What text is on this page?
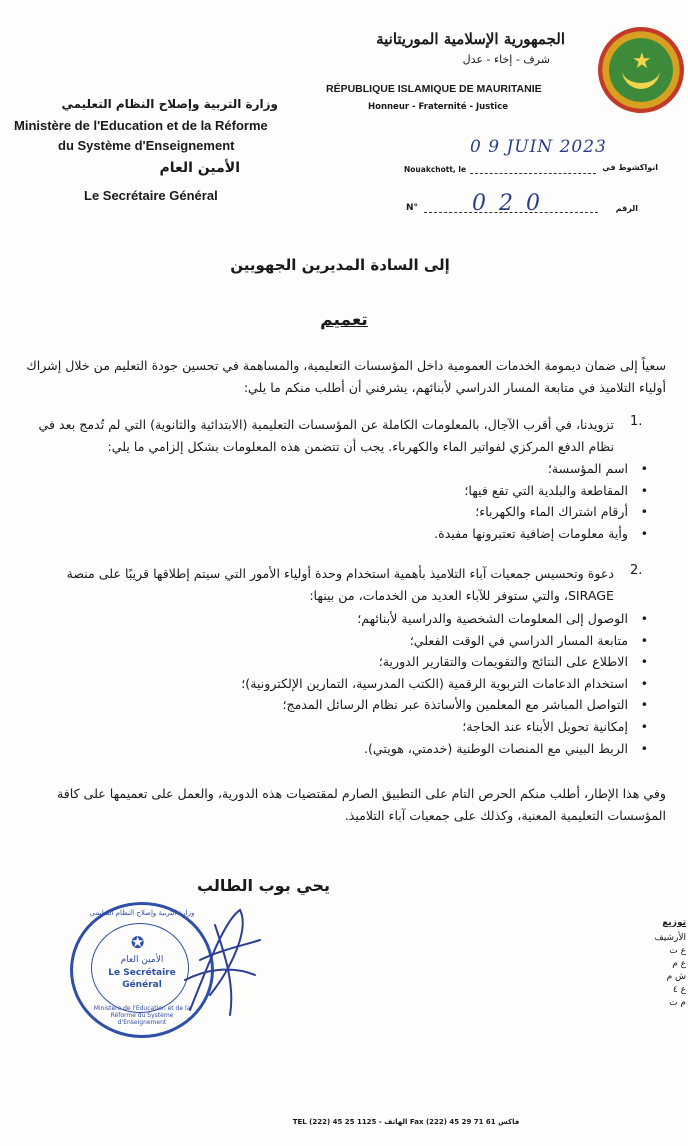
★
الجمهورية الإسلامية الموريتانية
شرف - إخاء - عدل
RÉPUBLIQUE ISLAMIQUE DE MAURITANIE
Honneur - Fraternité - Justice
وزارة التربية وإصلاح النظام التعليمي
Ministère de l'Education et de la Réforme
du Système d'Enseignement
الأمين العام
Le Secrétaire Général
Nouakchott, le
0 9 JUIN 2023
انواكشوط في
N° 0 2 0	الرقم
إلى السادة المديرين الجهويين
تعميم
سعياً إلى ضمان ديمومة الخدمات العمومية داخل المؤسسات التعليمية، والمساهمة في تحسين جودة التعليم من خلال إشراك أولياء التلاميذ في متابعة المسار الدراسي لأبنائهم، يشرفني أن أطلب منكم ما يلي:
تزويدنا، في أقرب الآجال، بالمعلومات الكاملة عن المؤسسات التعليمية (الابتدائية والثانوية) التي لم تُدمج بعد في نظام الدفع المركزي لفواتير الماء والكهرباء. يجب أن تتضمن هذه المعلومات بشكل إلزامي ما يلي:
1.
اسم المؤسسة؛ •
المقاطعة والبلدية التي تقع فيها؛ •
أرقام اشتراك الماء والكهرباء؛ •
وأية معلومات إضافية تعتبرونها مفيدة. •
دعوة وتحسيس جمعيات آباء التلاميذ بأهمية استخدام وحدة أولياء الأمور التي سيتم إطلاقها قريبًا على منصة SIRAGE، والتي ستوفر للآباء العديد من الخدمات، من بينها:
2.
الوصول إلى المعلومات الشخصية والدراسية لأبنائهم؛ •
متابعة المسار الدراسي في الوقت الفعلي؛ •
الاطلاع على النتائج والتقويمات والتقارير الدورية؛ •
استخدام الدعامات التربوية الرقمية (الكتب المدرسية، التمارين الإلكترونية)؛ •
التواصل المباشر مع المعلمين والأساتذة عبر نظام الرسائل المدمج؛ •
إمكانية تحويل الأبناء عند الحاجة؛ •
الربط البيني مع المنصات الوطنية (خدمتي، هويتي). •
وفي هذا الإطار، أطلب منكم الحرص التام على التطبيق الصارم لمقتضيات هذه الدورية، والعمل على تعميمها على كافة المؤسسات التعليمية المعنية، وكذلك على جمعيات آباء التلاميذ.
يحي بوب الطالب
وزارة التربية وإصلاح النظام التعليمي
✪
الأمين العام
Le Secrétaire
Général
Ministère de l'Education et de la Réforme du Système d'Enseignement
توزيع
الأرشيف
ع ت
ع م
ش م
ع ٤
م ت
TEL (222) 45 25 1125 - الهاتف Fax (222) 45 29 71 61 فاكس
